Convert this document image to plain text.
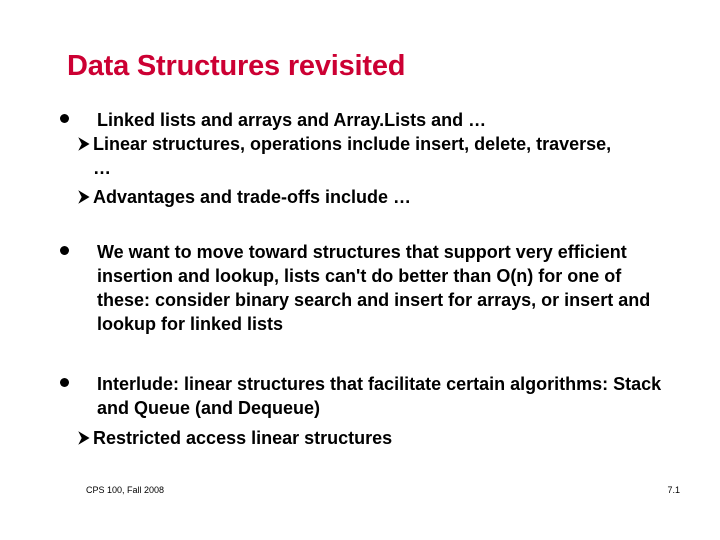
Data Structures revisited
Linked lists and arrays and Array.Lists and …
Linear structures, operations include insert, delete, traverse, …
Advantages and trade-offs include …
We want to move toward structures that support very efficient insertion and lookup, lists can't do better than O(n) for one of these: consider binary search and insert for arrays, or insert and lookup for linked lists
Interlude: linear structures that facilitate certain algorithms: Stack and Queue (and Dequeue)
Restricted access linear structures
CPS 100, Fall 2008	7.1
